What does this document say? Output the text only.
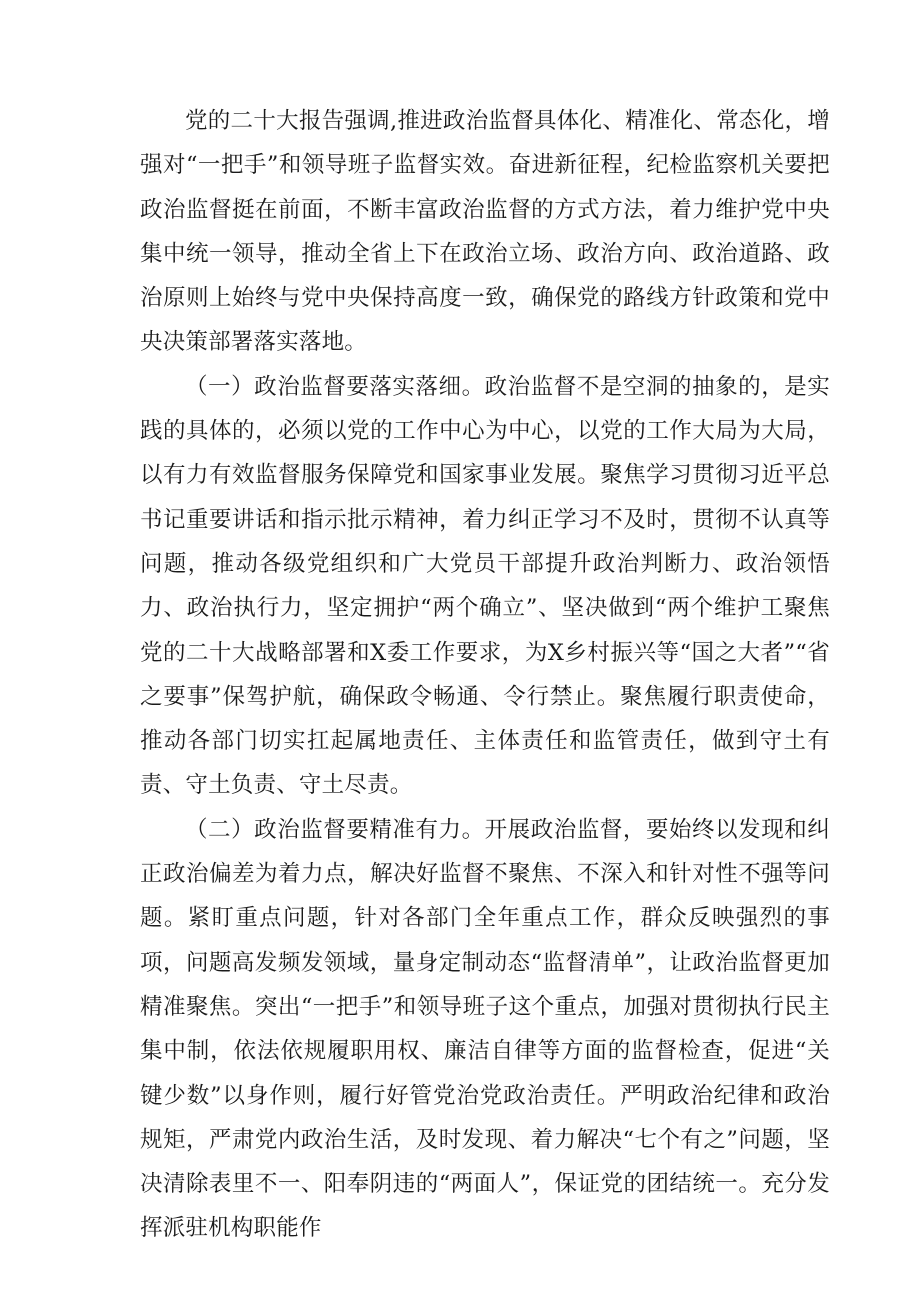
党的二十大报告强调,推进政治监督具体化、精准化、常态化，增强对“一把手”和领导班子监督实效。奋进新征程，纪检监察机关要把政治监督挺在前面，不断丰富政治监督的方式方法，着力维护党中央集中统一领导，推动全省上下在政治立场、政治方向、政治道路、政治原则上始终与党中央保持高度一致，确保党的路线方针政策和党中央决策部署落实落地。

（一）政治监督要落实落细。政治监督不是空洞的抽象的，是实践的具体的，必须以党的工作中心为中心，以党的工作大局为大局，以有力有效监督服务保障党和国家事业发展。聚焦学习贯彻习近平总书记重要讲话和指示批示精神，着力纠正学习不及时，贯彻不认真等问题，推动各级党组织和广大党员干部提升政治判断力、政治领悟力、政治执行力，坚定拥护“两个确立”、坚决做到“两个维护工聚焦党的二十大战略部署和X委工作要求，为X乡村振兴等“国之大者”“省之要事”保驾护航，确保政令畅通、令行禁止。聚焦履行职责使命，推动各部门切实扛起属地责任、主体责任和监管责任，做到守土有责、守土负责、守土尽责。

（二）政治监督要精准有力。开展政治监督，要始终以发现和纠正政治偏差为着力点，解决好监督不聚焦、不深入和针对性不强等问题。紧盯重点问题，针对各部门全年重点工作，群众反映强烈的事项，问题高发频发领域，量身定制动态“监督清单”，让政治监督更加精准聚焦。突出“一把手”和领导班子这个重点，加强对贯彻执行民主集中制，依法依规履职用权、廉洁自律等方面的监督检查，促进“关键少数”以身作则，履行好管党治党政治责任。严明政治纪律和政治规矩，严肃党内政治生活，及时发现、着力解决“七个有之”问题，坚决清除表里不一、阳奉阴违的“两面人”，保证党的团结统一。充分发挥派驻机构职能作
